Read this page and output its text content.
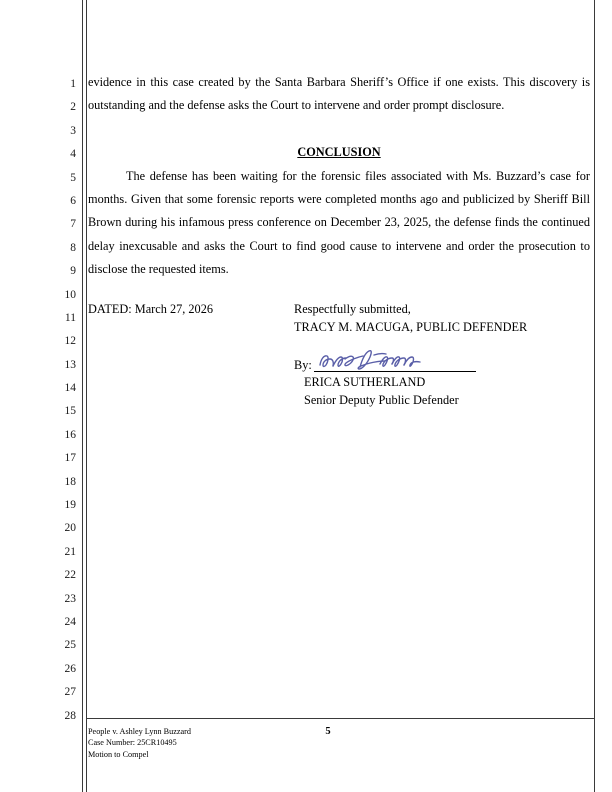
1
2
3
4
5
6
7
8
9
10
11
12
13
14
15
16
17
18
19
20
21
22
23
24
25
26
27
28

evidence in this case created by the Santa Barbara Sheriff’s Office if one exists. This discovery is outstanding and the defense asks the Court to intervene and order prompt disclosure.

CONCLUSION

The defense has been waiting for the forensic files associated with Ms. Buzzard’s case for months. Given that some forensic reports were completed months ago and publicized by Sheriff Bill Brown during his infamous press conference on December 23, 2025, the defense finds the continued delay inexcusable and asks the Court to find good cause to intervene and order the prosecution to disclose the requested items.

DATED: March 27, 2026	Respectfully submitted,
TRACY M. MACUGA, PUBLIC DEFENDER
By:
ERICA SUTHERLAND
Senior Deputy Public Defender
People v. Ashley Lynn Buzzard
Case Number: 25CR10495
Motion to Compel
5
